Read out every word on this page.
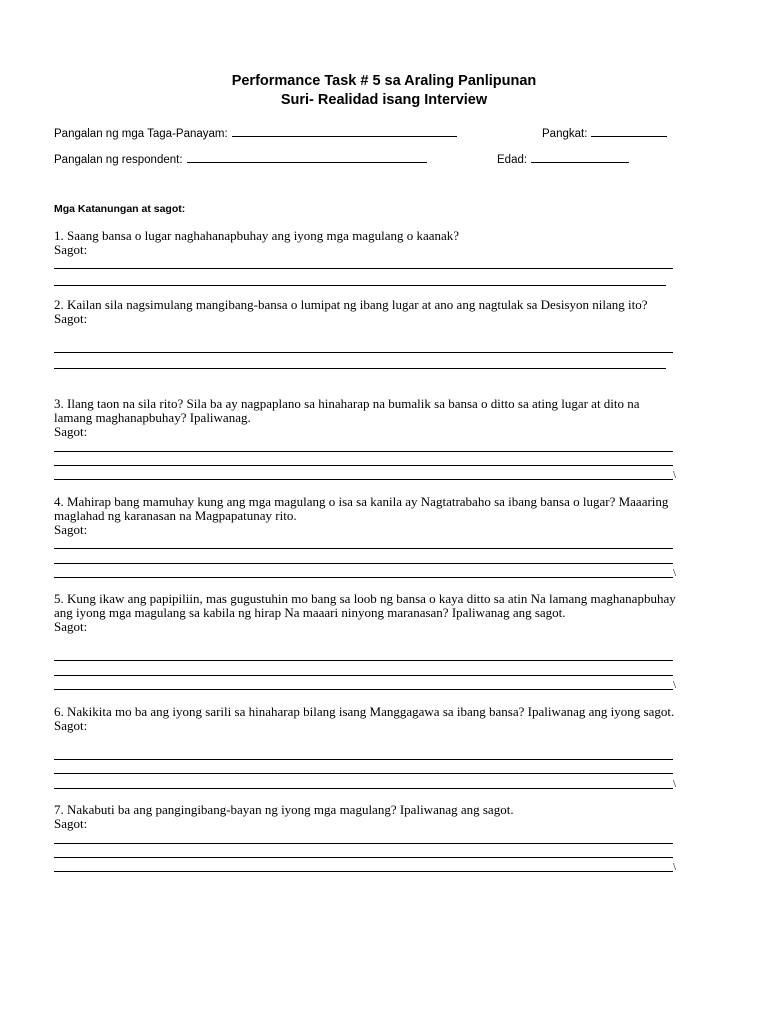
Performance Task # 5 sa Araling Panlipunan
Suri- Realidad isang Interview
Pangalan ng mga Taga-Panayam:	Pangkat:
Pangalan ng respondent:	Edad:

Mga Katanungan at sagot:

1. Saang bansa o lugar naghahanapbuhay ang iyong mga magulang o kaanak?

Sagot:

2. Kailan sila nagsimulang mangibang-bansa o lumipat ng ibang lugar at ano ang nagtulak sa Desisyon nilang ito?

Sagot:

3. Ilang taon na sila rito? Sila ba ay nagpaplano sa hinaharap na bumalik sa bansa o ditto sa ating lugar at dito na lamang maghanapbuhay? Ipaliwanag.

Sagot:

\

4. Mahirap bang mamuhay kung ang mga magulang o isa sa kanila ay Nagtatrabaho sa ibang bansa o lugar? Maaaring maglahad ng karanasan na Magpapatunay rito.

Sagot:

\

5. Kung ikaw ang papipiliin, mas gugustuhin mo bang sa loob ng bansa o kaya ditto sa atin Na lamang maghanapbuhay ang iyong mga magulang sa kabila ng hirap Na maaari ninyong maranasan? Ipaliwanag ang sagot.

Sagot:

\

6. Nakikita mo ba ang iyong sarili sa hinaharap bilang isang Manggagawa sa ibang bansa? Ipaliwanag ang iyong sagot.

Sagot:

\

7. Nakabuti ba ang pangingibang-bayan ng iyong mga magulang? Ipaliwanag ang sagot.

Sagot:

\
